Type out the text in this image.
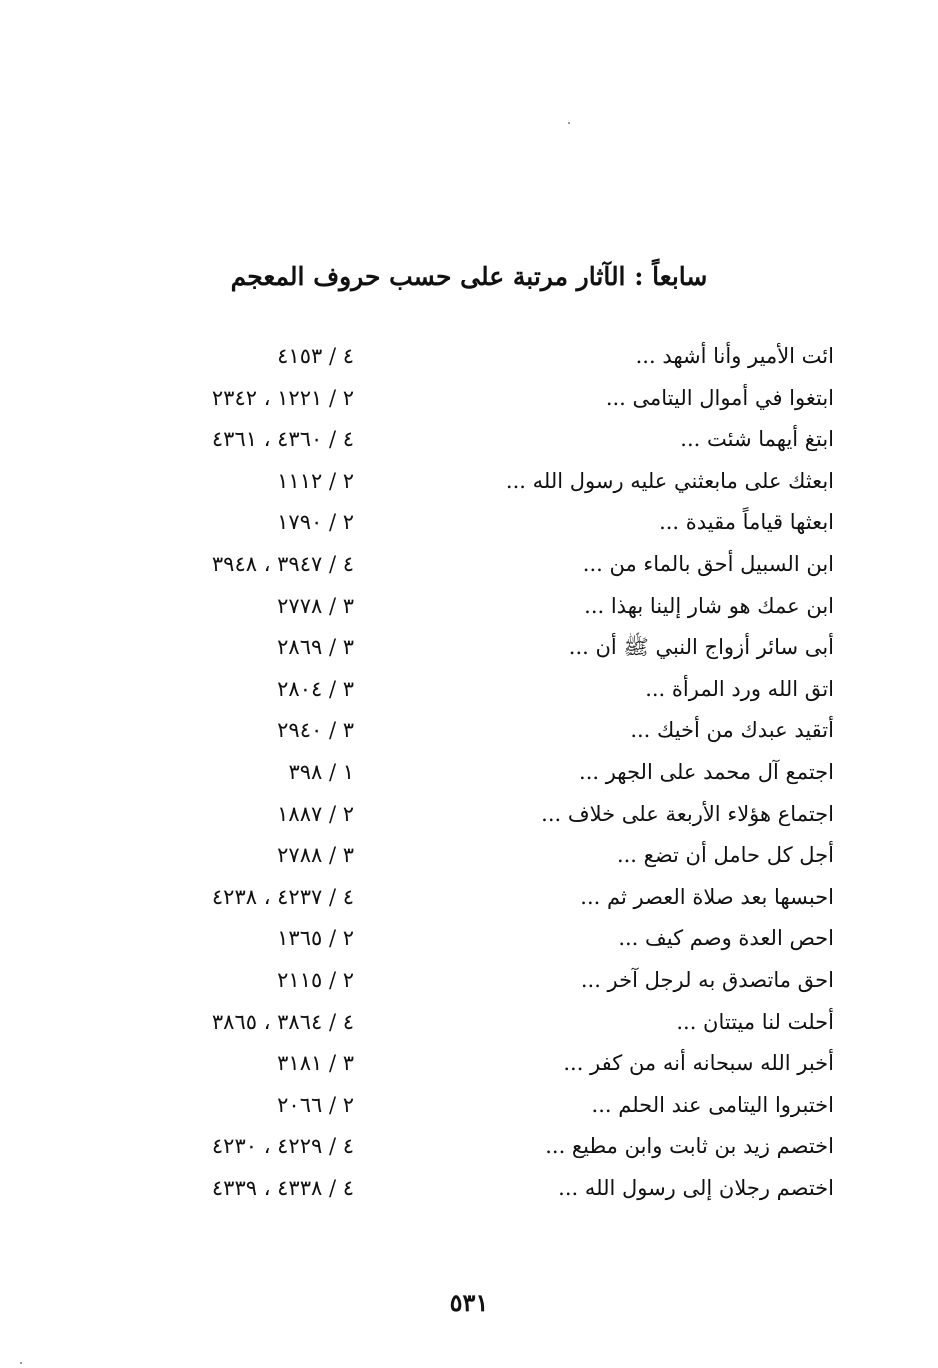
سابعاً : الآثار مرتبة على حسب حروف المعجم
ائت الأمير وأنا أشهد ...
٤ / ٤١٥٣
ابتغوا في أموال اليتامى ...
٢ / ١٢٢١ ، ٢٣٤٢
ابتغ أيهما شئت ...
٤ / ٤٣٦٠ ، ٤٣٦١
ابعثك على مابعثني عليه رسول الله ...
٢ / ١١١٢
ابعثها قياماً مقيدة ...
٢ / ١٧٩٠
ابن السبيل أحق بالماء من ...
٤ / ٣٩٤٧ ، ٣٩٤٨
ابن عمك هو شار إلينا بهذا ...
٣ / ٢٧٧٨
أبى سائر أزواج النبي ﷺ أن ...
٣ / ٢٨٦٩
اتق الله ورد المرأة ...
٣ / ٢٨٠٤
أتقيد عبدك من أخيك ...
٣ / ٢٩٤٠
اجتمع آل محمد على الجهر ...
١ / ٣٩٨
اجتماع هؤلاء الأربعة على خلاف ...
٢ / ١٨٨٧
أجل كل حامل أن تضع ...
٣ / ٢٧٨٨
احبسها بعد صلاة العصر ثم ...
٤ / ٤٢٣٧ ، ٤٢٣٨
احص العدة وصم كيف ...
٢ / ١٣٦٥
احق ماتصدق به لرجل آخر ...
٢ / ٢١١٥
أحلت لنا ميتتان ...
٤ / ٣٨٦٤ ، ٣٨٦٥
أخبر الله سبحانه أنه من كفر ...
٣ / ٣١٨١
اختبروا اليتامى عند الحلم ...
٢ / ٢٠٦٦
اختصم زيد بن ثابت وابن مطيع ...
٤ / ٤٢٢٩ ، ٤٢٣٠
اختصم رجلان إلى رسول الله ...
٤ / ٤٣٣٨ ، ٤٣٣٩
٥٣١
